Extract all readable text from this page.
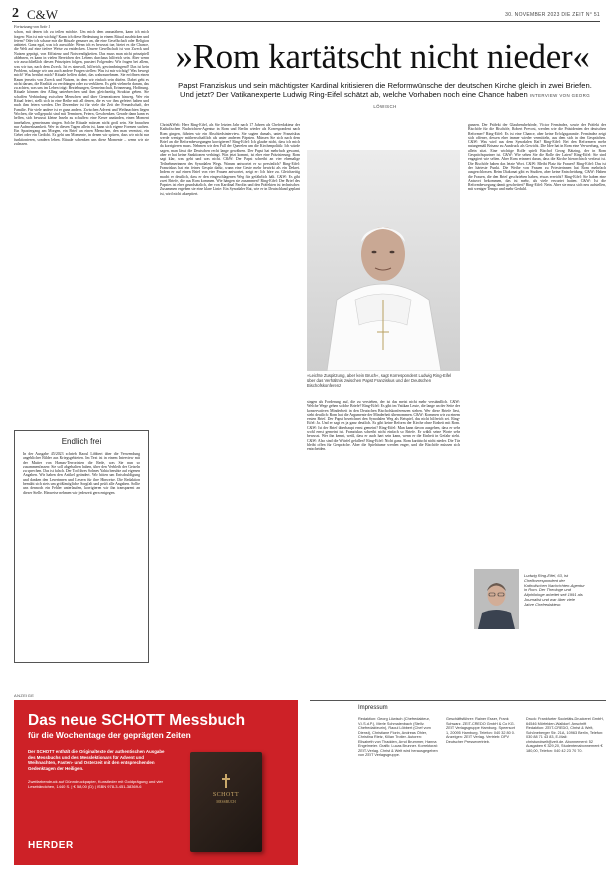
2 C&W	30. NOVEMBER 2023 DIE ZEIT N° 51
Fortsetzung von Seite 1
schon, mit denen ich zu teilen möchte. Um mich dem anzunähern, kann ich mich fragen: Was ist mir wichtig? Kann ich diese Bedeutung in einem Ritual ausdrücken und feiern? Oder ich schaue mir die Rituale genauer an, die eine Gesellschaft oder Religion anbietet. Ganz egal, was ich auswähle: Wenn ich es bewusst tue, bietet es die Chance, die Welt auf eine tiefere Weise zu entdecken. Unsere Gesellschaft ist von Zweck und Nutzen geprägt, von Effizienz und Notwendigkeiten. Das muss man nicht prinzipiell ablehnen, es kann in vielen Bereichen des Lebens durchaus hilfreich sein. Aber wenn wir ausschließlich diesen Prinzipien folgen, passiert Folgendes: Wir fragen bei allem, was wir tun, nach dem Zweck. Ist es sinnvoll, hilfreich, gewinnbringend? Das ist kein Problem, solange wir uns auch andere Fragen stellen: Was ist mir wichtig? Was bewegt mich? Was berührt mich? Rituale helfen dabei, das wahrzunehmen. Sie eröffnen einen Raum jenseits von Zweck und Nutzen, in dem wir einfach sein dürfen. Dabei geht es nicht darum, die Realität zu verdrängen oder zu verklären. Es geht vielmehr darum, das zu achten, was uns im Leben trägt: Beziehungen, Gemeinschaft, Erinnerung, Hoffnung. Rituale können den Alltag unterbrechen und ihm gleichzeitig Struktur geben. Sie schaffen Verbindung zwischen Menschen und über Generationen hinweg. Wer ein Ritual feiert, stellt sich in eine Reihe mit all denen, die es vor ihm gefeiert haben und nach ihm feiern werden. Der Dezember ist für viele die Zeit der Freundschaft, der Familie. Für viele andere ist er ganz anders. Zwischen Advent und Weihnachten liegen Wochen, die vollgepackt sind mit Terminen, Feiern, Geschenken. Gerade dann kann es helfen, sich bewusst kleine Inseln zu schaffen: eine Kerze anzünden, einen Moment innehalten, gemeinsam singen. Solche Rituale müssen nicht groß sein. Sie brauchen nur Aufmerksamkeit. Wer in diesen Tagen allein ist, kann sich eigene Formen suchen. Ein Spaziergang am Morgen, ein Brief an einen Menschen, den man vermisst, ein Gebet oder ein Gedicht. Es geht um Momente, in denen wir spüren, dass wir nicht nur funktionieren, sondern leben. Rituale schenken uns diese Momente – wenn wir sie zulassen.
»Rom kartätscht nicht nieder«
Papst Franziskus und sein mächtigster Kardinal kritisieren die Reformwünsche der deutschen Kirche gleich in zwei Briefen. Und jetzt? Der Vatikanexperte Ludwig Ring-Eifel schätzt ab, welche Vorhaben noch eine Chance haben INTERVIEW VON GEORG LÖWISCH
Christ&Welt: Herr Ring-Eifel, als Sie letzten Jahr nach 17 Jahren als Chefredakteur der Katholischen Nachrichten-Agentur in Rom und Berlin wieder als Korrespondent nach Rom gingen, führten wir ein Abschiedsinterview. Sie sagten damals, unter Franziskus werde weniger mitherrschaftlich als unter anderen Päpsten. Müssen Sie sich nach dem Brief an die Reformbewegungen korrigieren? Ring-Eifel: Ich glaube nicht, dass ich mich da korrigieren muss. Nehmen wir den Fall der Querelen um die Kirchenpolitik: Ich würde sagen, man lässt die Deutschen recht lange gewähren. Der Papst hat mehrfach gewarnt, aber er hat keine Sanktionen verhängt. Was jetzt kommt, ist eher eine Präzisierung: Rom sagt klar, was geht und was nicht. C&W: Der Papst schreibt an vier ehemalige Teilnehmerinnen des Synodalen Wegs. Warum antwortet er so persönlich? Ring-Eifel: Franziskus hat ein feines Gespür dafür, wann eine Geste mehr bewirkt als ein Dekret. Indem er auf einen Brief von vier Frauen antwortet, zeigt er: Ich höre zu. Gleichzeitig macht er deutlich, dass er den eingeschlagenen Weg für gefährlich hält. C&W: Es gibt zwei Briefe, die aus Rom kommen. Wie hängen sie zusammen? Ring-Eifel: Der Brief des Papstes ist eher grundsätzlich, der von Kardinal Parolin und den Präfekten ist technischer. Zusammen ergeben sie eine klare Linie: Ein Synodaler Rat, wie er in Deutschland geplant ist, wird nicht akzeptiert.
»Leichte Zuspitzung, aber kein Bruch«, sagt Korrespondent Ludwig Ring-Eifel über das Verhältnis zwischen Papst Franziskus und der Deutschen Bischofskonferenz
singen als Forderung auf, die zu verstehen, der ist das meist nicht mehr verständlich. C&W: Welche Wege gehen solche Briefe? Ring-Eifel: Es gibt im Vatikan Leute, die lange an der Seite der konservativen Minderheit in den Deutschen Bischofskonferenzen stehen. Wer diese Briefe liest, sieht deutlich: Rom hat die Argumente der Minderheit übernommen. C&W: Kommen wir zu einem ersten Brief. Der Papst bezeichnet den Synodalen Weg als Beispiel, das nicht hilfreich sei. Ring-Eifel: Ja. Und er sagt es ja ganz deutlich. Es gibt keine Reform der Kirche ohne Einheit mit Rom. C&W: Ist der Brief überhaupt ernst gemeint? Ring-Eifel: Man kann davon ausgehen, dass er sehr wohl ernst gemeint ist. Franziskus schreibt nicht einfach so Briefe. Er wählt seine Worte sehr bewusst. Wer ihn kennt, weiß, dass er auch hart sein kann, wenn er die Einheit in Gefahr sieht. C&W: Also sind die Würfel gefallen? Ring-Eifel: Nicht ganz. Rom kartätscht nicht nieder. Die Tür bleibt offen für Gespräche. Aber die Spielräume werden enger, und die Bischöfe müssen sich entscheiden.
ganzen. Der Präfekt der Glaubensbehörde, Víctor Fernández, sowie der Präfekt der Bischöfe für die Bischöfe, Robert Prevost, werden wie die Präsidenten der deutschen Reformer? Ring-Eifel: Es ist eine Chance, aber keine Erfolgsgarantie. Fernández zeigt sich offener, dessen eher immer wieder vermitteln, aus dem sich in den Gesprächen. C&W: Was wird aus dem Synodalen Rat? Ring-Eifel: Bei den Reformern mehr naturgemäß Brisanz zu Ausdruck als Gewicht. Die Idee hat in Rom eine Verwerfung, wer allein sitzt. Eine wichtige Rolle spielt Bischof Georg Bätzing, der in Rom Gesprächspartner ist. C&W: Wie sehen Sie die Rolle der Laien? Ring-Eifel: Sie sind engagiert wie selten. Aber Rom erinnert daran, dass die Kirche hierarchisch verfasst ist. Die Bischöfe haben das letzte Wort. C&W: Bleibt Platz für Frauen? Ring-Eifel: Das ist der härteste Punkt. Die Weihe von Frauen zu Priesterinnen hat Rom mehrfach ausgeschlossen. Beim Diakonat gibt es Studien, aber keine Entscheidung. C&W: Haben die Frauen, die den Brief geschrieben haben, etwas erreicht? Ring-Eifel: Sie haben eine Antwort bekommen, das ist mehr, als viele erwartet hatten. C&W: Ist die Reformbewegung damit gescheitert? Ring-Eifel: Nein. Aber sie muss sich neu aufstellen, mit weniger Tempo und mehr Geduld.
Ludwig Ring-Eifel, 63, ist Chefkorrespondent der Katholischen Nachrichten-Agentur in Rom. Der Theologe und Altphilologe arbeitet seit 1991 als Journalist und war über viele Jahre Chefredakteur.
Endlich frei
In der Ausgabe 45/2023 schrieb Raoul Löbbert über die Verwendung angeblicher Bilder aus Kriegsgebieten. Im Text ist in einem Interview mit der Mutter von Hamas-Terroristen die Rede, was Sie nun so zusammenfassen: Sie soll abgehalten haben, über den Verbleib der Geiseln zu sprechen. Das ist falsch. Der Tod ihres Sohnes Yahia beruhte auf eigenen Angaben. Wir haben den Artikel geändert. Wir bitten um Entschuldigung und danken den Leserinnen und Lesern für ihre Hinweise. Die Redaktion bemüht sich stets um größtmögliche Sorgfalt und prüft alle Angaben. Sollte uns dennoch ein Fehler unterlaufen, korrigieren wir ihn transparent an dieser Stelle. Hinweise nehmen wir jederzeit gern entgegen.
ANZEIGE
Das neue SCHOTT Messbuch
für die Wochentage der geprägten Zeiten
Der SCHOTT enthält die Originaltexte der authentischen Ausgabe des Messbuchs und des Messlektionars für Advent und Weihnachten, Fasten- und Osterzeit mit den entsprechenden Gedenktagen der Heiligen.
Zweifarbendruck auf Dünndruckpapier, Kunstleder mit Goldprägung und vier Lesebändchen, 1440 S. | € 58,00 (D) | ISBN 978-3-451-38369-6
HERDER
SCHOTT
MESSBUCH
Impressum
Redaktion: Georg Löwisch (Chefredakteur, V.i.S.d.P.), Merle Schmalenbach (Stellv. Chefredakteurin), Raoul Löbbert (Chef vom Dienst), Christiane Florin, Andreas Öhler, Christina Rietz, Kilian Trotier. Autoren: Elisabeth von Thadden, Arnd Brummer, Hanna Engelmeier. Grafik: Lucas Brunner. Korrektorat: ZEIT-Verlag. Christ & Welt wird herausgegeben von ZEIT Verlagsgruppe.
Geschäftsführer: Rainer Esser, Frank Schwarz. ZEIT-CREDO GmbH & Co KG. ZEIT Verlagsgruppe Hamburg. Speersort 1, 20095 Hamburg. Telefon: 040 32 80 0. Anzeigen: ZEIT Verlag. Vertrieb: DPV Deutscher Pressevertrieb.
Druck: Frankfurter Societäts-Druckerei GmbH, 64546 Mörfelden-Walldorf. Anschrift Redaktion: ZEIT-CREDO, Christ & Welt, Schöneberger Str. 21A, 10963 Berlin, Telefon: 030 88 71 43 83, E-Mail: christundwelt@zeit.de. Abonnement: 52 Ausgaben € 329,20, Studentenabonnement € 180,00, Telefon: 040 42 23 70 70.
